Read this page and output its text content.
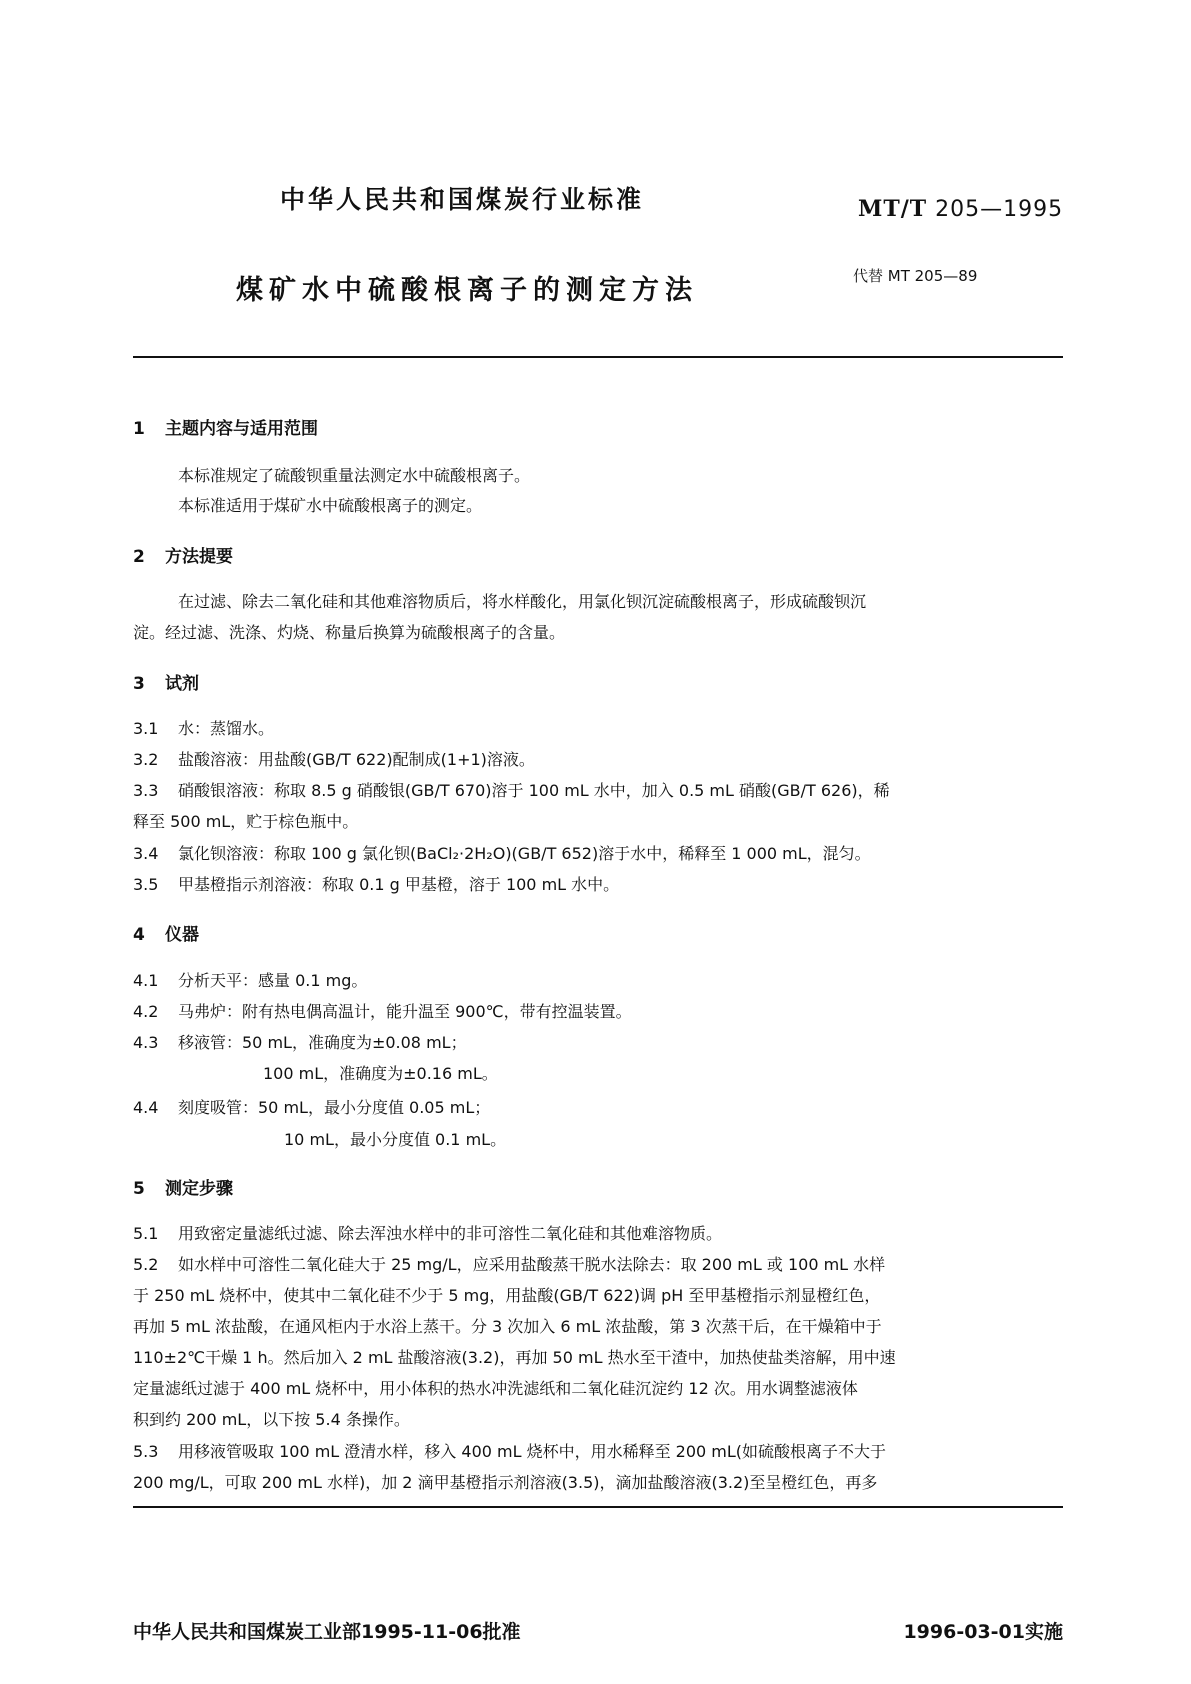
中华人民共和国煤炭行业标准	MT/T 205—1995
煤矿水中硫酸根离子的测定方法	代替 MT 205—89
1 主题内容与适用范围
本标准规定了硫酸钡重量法测定水中硫酸根离子。
本标准适用于煤矿水中硫酸根离子的测定。
2 方法提要
在过滤、除去二氧化硅和其他难溶物质后，将水样酸化，用氯化钡沉淀硫酸根离子，形成硫酸钡沉
淀。经过滤、洗涤、灼烧、称量后换算为硫酸根离子的含量。
3 试剂
3.1 水：蒸馏水。
3.2 盐酸溶液：用盐酸(GB/T 622)配制成(1+1)溶液。
3.3 硝酸银溶液：称取 8.5 g 硝酸银(GB/T 670)溶于 100 mL 水中，加入 0.5 mL 硝酸(GB/T 626)，稀
释至 500 mL，贮于棕色瓶中。
3.4 氯化钡溶液：称取 100 g 氯化钡(BaCl₂·2H₂O)(GB/T 652)溶于水中，稀释至 1 000 mL，混匀。
3.5 甲基橙指示剂溶液：称取 0.1 g 甲基橙，溶于 100 mL 水中。
4 仪器
4.1 分析天平：感量 0.1 mg。
4.2 马弗炉：附有热电偶高温计，能升温至 900℃，带有控温装置。
4.3 移液管：50 mL，准确度为±0.08 mL；
100 mL，准确度为±0.16 mL。
4.4 刻度吸管：50 mL，最小分度值 0.05 mL；
10 mL，最小分度值 0.1 mL。
5 测定步骤
5.1 用致密定量滤纸过滤、除去浑浊水样中的非可溶性二氧化硅和其他难溶物质。
5.2 如水样中可溶性二氧化硅大于 25 mg/L，应采用盐酸蒸干脱水法除去：取 200 mL 或 100 mL 水样
于 250 mL 烧杯中，使其中二氧化硅不少于 5 mg，用盐酸(GB/T 622)调 pH 至甲基橙指示剂显橙红色，
再加 5 mL 浓盐酸，在通风柜内于水浴上蒸干。分 3 次加入 6 mL 浓盐酸，第 3 次蒸干后，在干燥箱中于
110±2℃干燥 1 h。然后加入 2 mL 盐酸溶液(3.2)，再加 50 mL 热水至干渣中，加热使盐类溶解，用中速
定量滤纸过滤于 400 mL 烧杯中，用小体积的热水冲洗滤纸和二氧化硅沉淀约 12 次。用水调整滤液体
积到约 200 mL，以下按 5.4 条操作。
5.3 用移液管吸取 100 mL 澄清水样，移入 400 mL 烧杯中，用水稀释至 200 mL(如硫酸根离子不大于
200 mg/L，可取 200 mL 水样)，加 2 滴甲基橙指示剂溶液(3.5)，滴加盐酸溶液(3.2)至呈橙红色，再多
中华人民共和国煤炭工业部1995-11-06批准	1996-03-01实施
